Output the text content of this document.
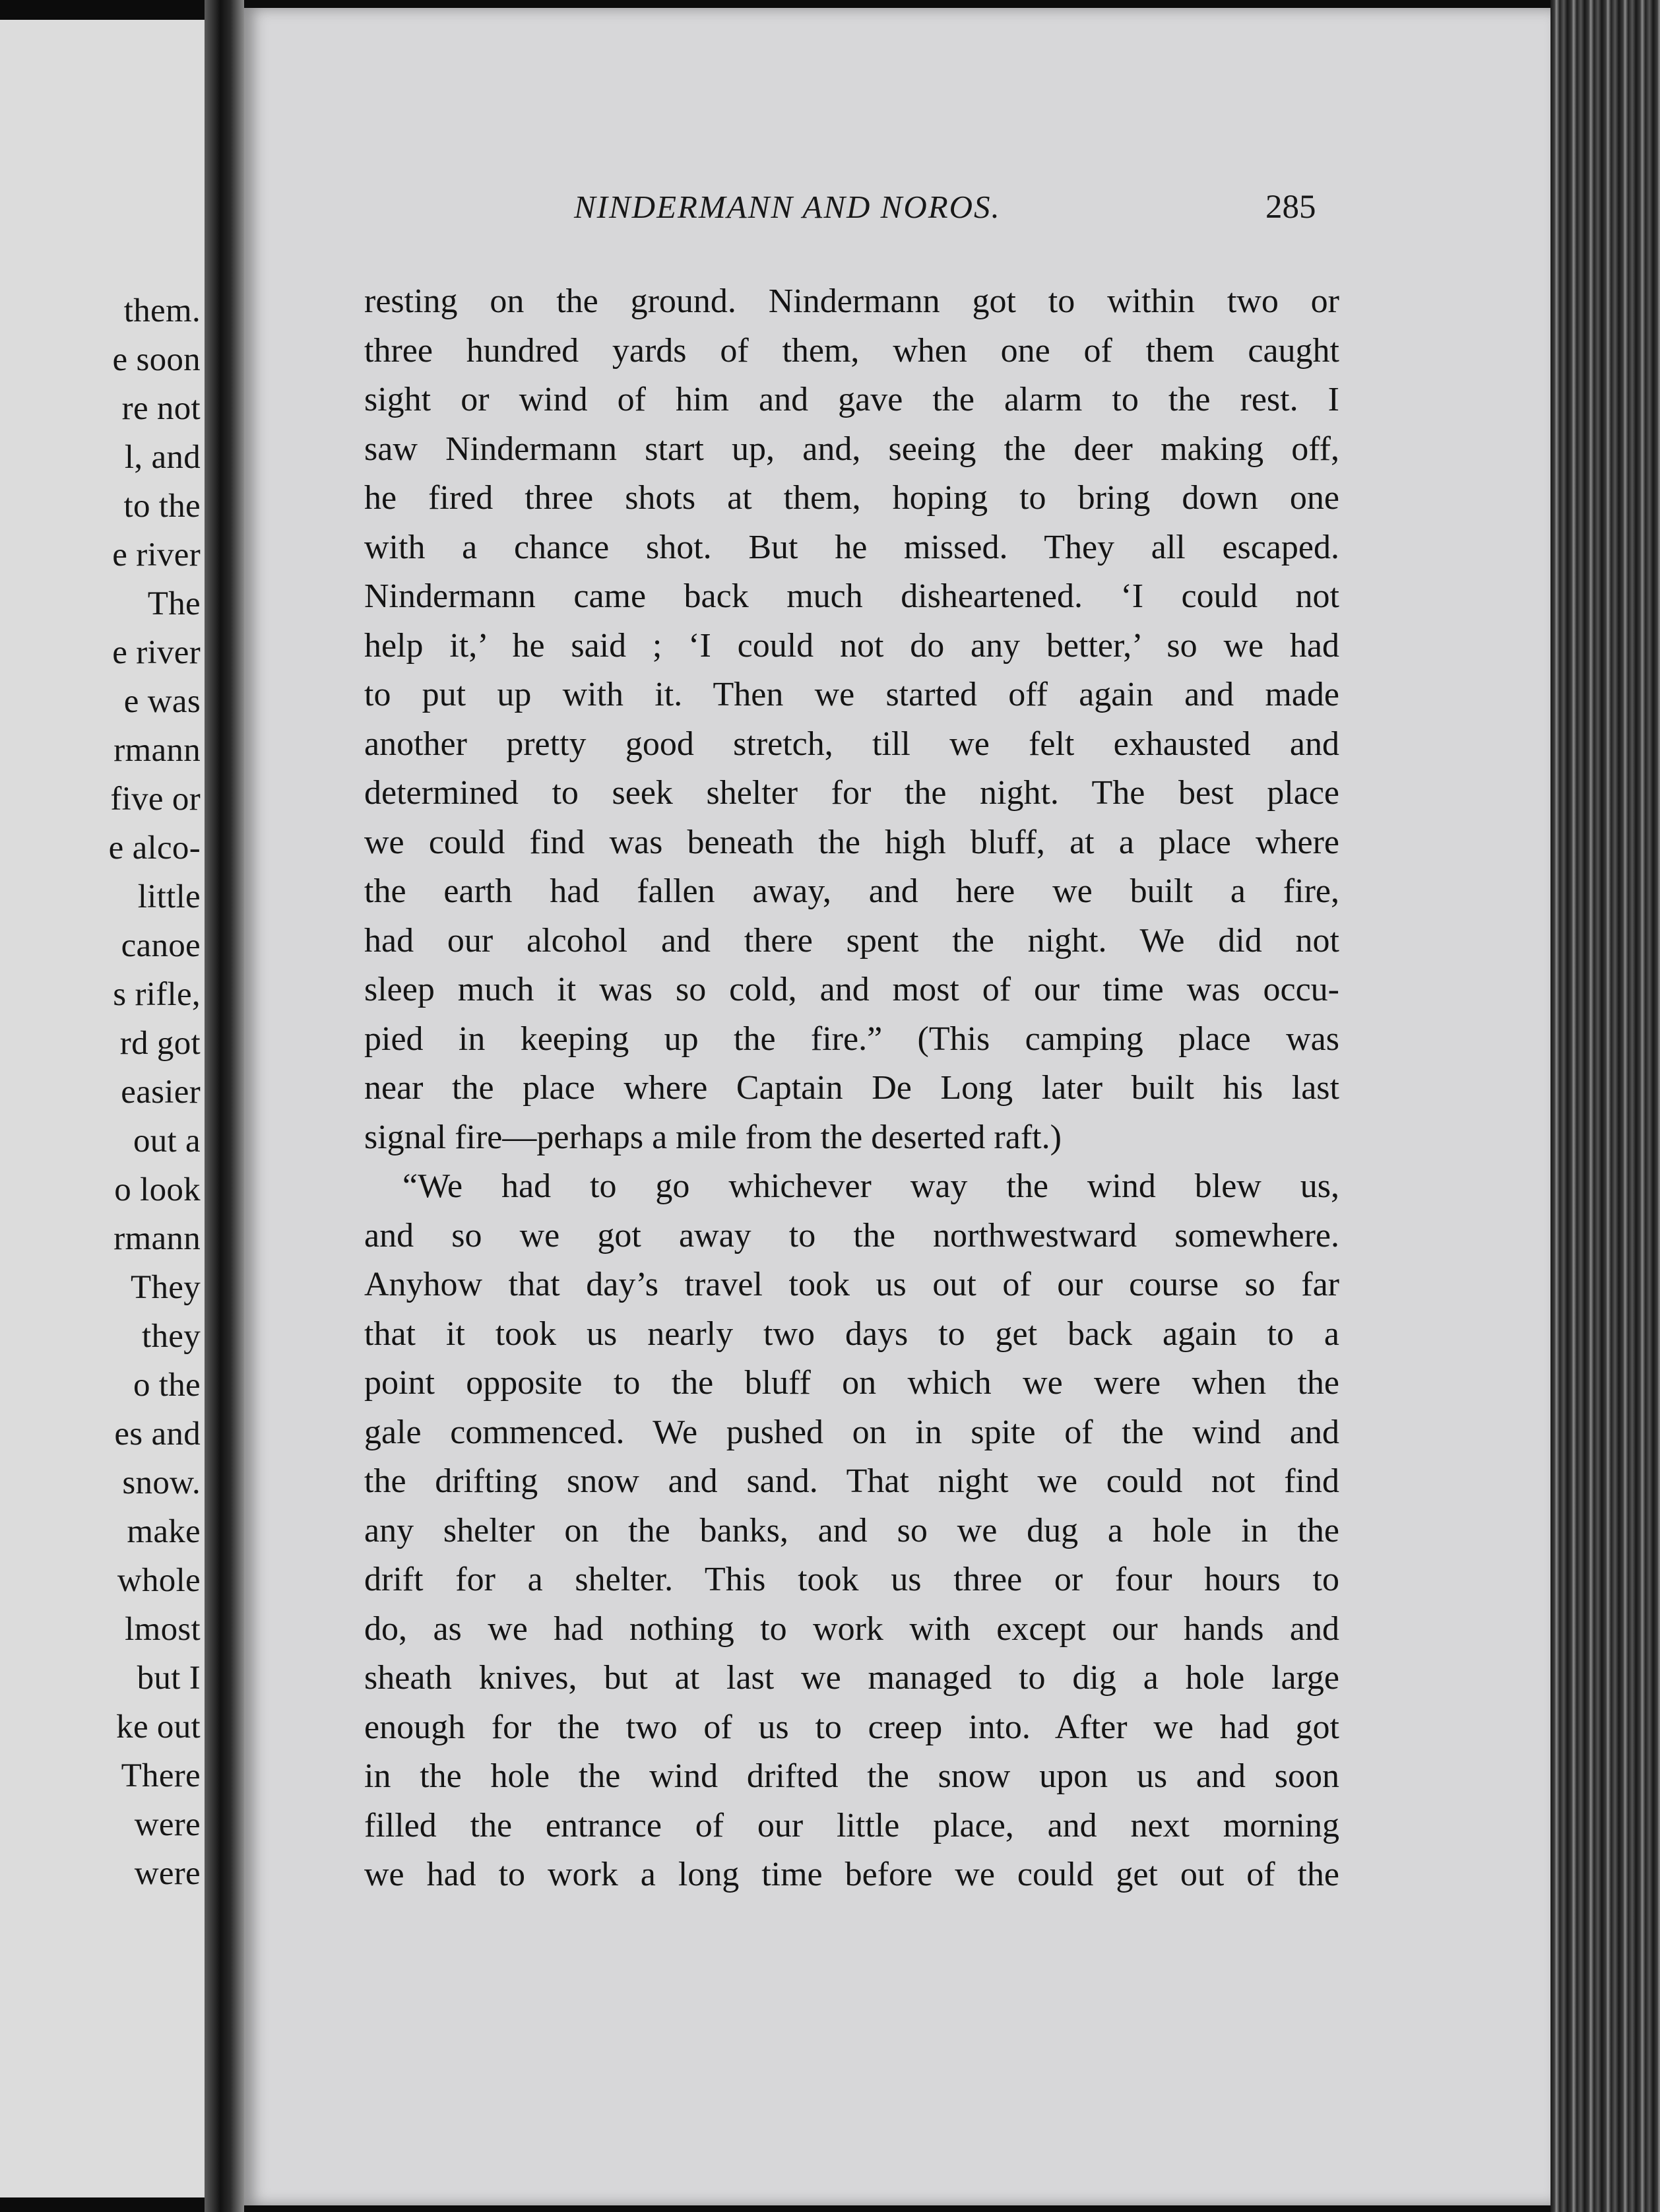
them.
e soon
re not
l, and
to the
e river
The
e river
e was
rmann
five or
e alco-
little
canoe
s rifle,
rd got
easier
out a
o look
rmann
They
they
o the
es and
snow.
make
whole
lmost
but I
ke out
There
were
were
NINDERMANN AND NOROS.	285
resting on the ground. Nindermann got to within two or
three hundred yards of them, when one of them caught
sight or wind of him and gave the alarm to the rest. I
saw Nindermann start up, and, seeing the deer making off,
he fired three shots at them, hoping to bring down one
with a chance shot. But he missed. They all escaped.
Nindermann came back much disheartened. ‘I could not
help it,’ he said ; ‘I could not do any better,’ so we had
to put up with it. Then we started off again and made
another pretty good stretch, till we felt exhausted and
determined to seek shelter for the night. The best place
we could find was beneath the high bluff, at a place where
the earth had fallen away, and here we built a fire,
had our alcohol and there spent the night. We did not
sleep much it was so cold, and most of our time was occu-
pied in keeping up the fire.” (This camping place was
near the place where Captain De Long later built his last
signal fire—perhaps a mile from the deserted raft.)
“We had to go whichever way the wind blew us,
and so we got away to the northwestward somewhere.
Anyhow that day’s travel took us out of our course so far
that it took us nearly two days to get back again to a
point opposite to the bluff on which we were when the
gale commenced. We pushed on in spite of the wind and
the drifting snow and sand. That night we could not find
any shelter on the banks, and so we dug a hole in the
drift for a shelter. This took us three or four hours to
do, as we had nothing to work with except our hands and
sheath knives, but at last we managed to dig a hole large
enough for the two of us to creep into. After we had got
in the hole the wind drifted the snow upon us and soon
filled the entrance of our little place, and next morning
we had to work a long time before we could get out of the
